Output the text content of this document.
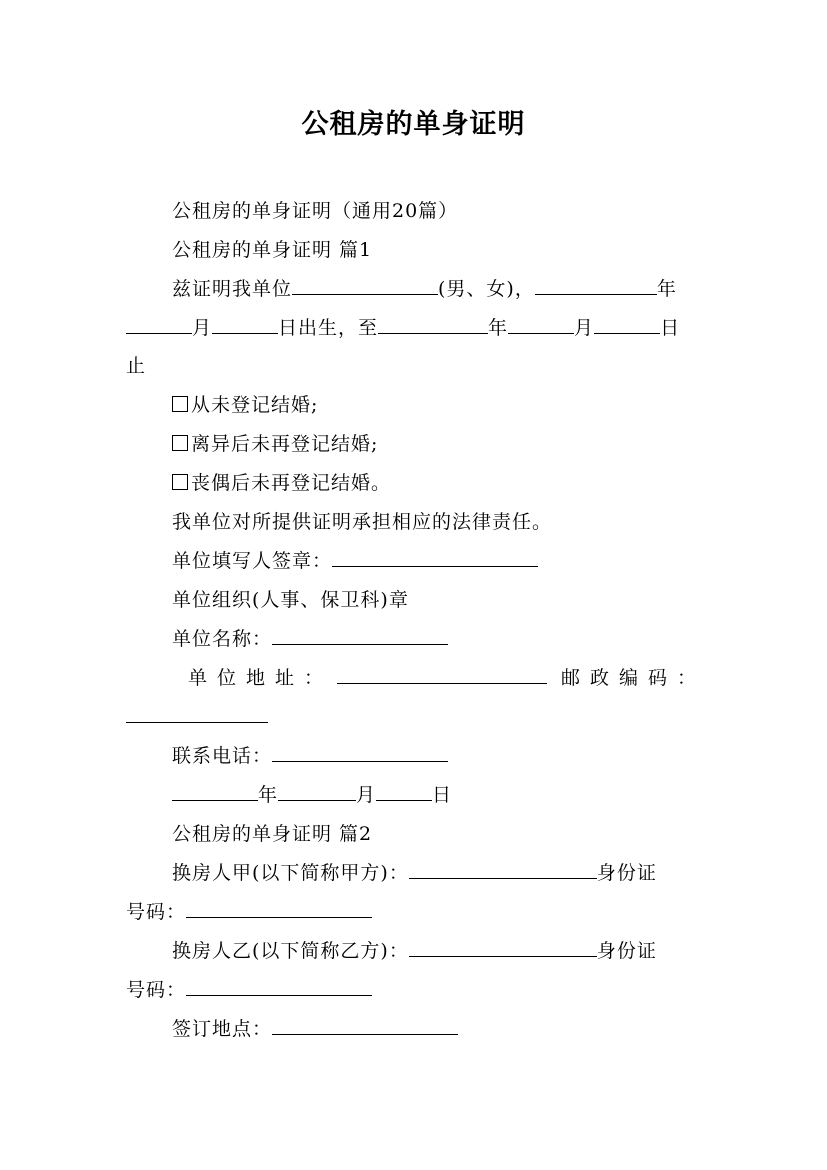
公租房的单身证明
公租房的单身证明（通用20篇）
公租房的单身证明 篇1
兹证明我单位	(男、女)，	年
月	日出生，至	年	月	日
止
从未登记结婚;
离异后未再登记结婚;
丧偶后未再登记结婚。
我单位对所提供证明承担相应的法律责任。
单位填写人签章：
单位组织(人事、保卫科)章
单位名称：
单位地址：	邮政编码：
联系电话：
年	月	日
公租房的单身证明 篇2
换房人甲(以下简称甲方)：	身份证
号码：
换房人乙(以下简称乙方)：	身份证
号码：
签订地点：
